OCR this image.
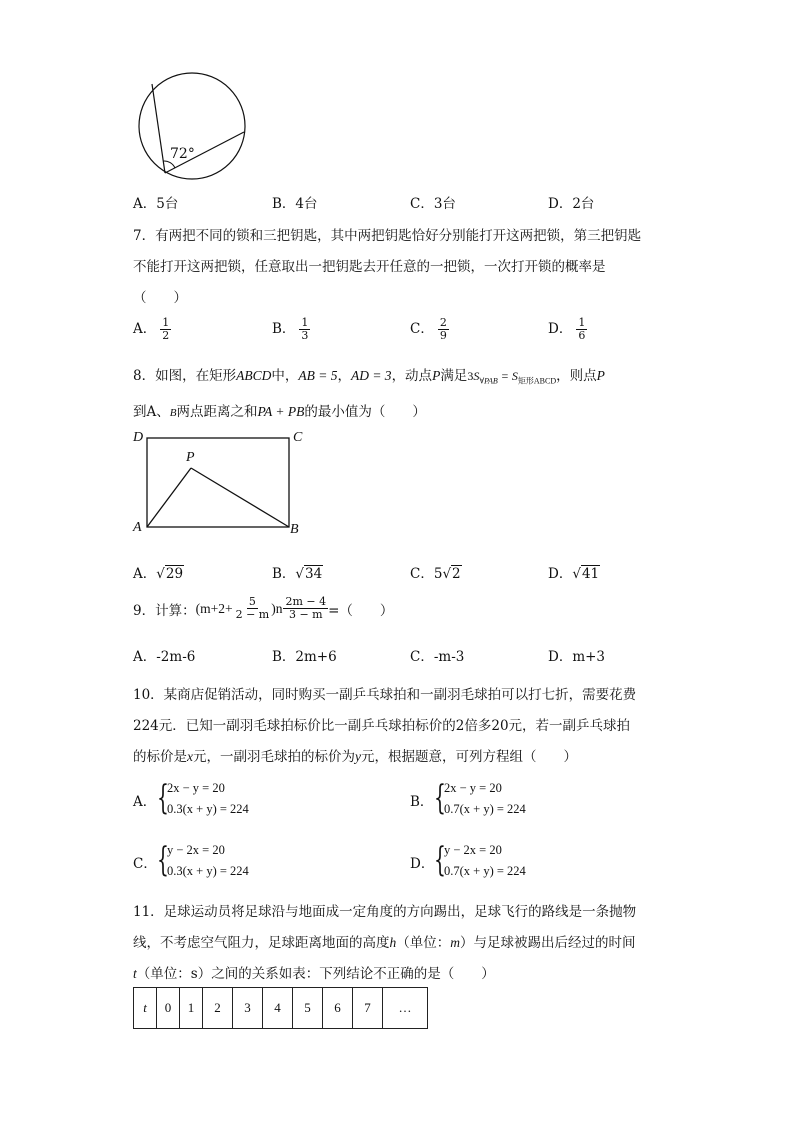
72°
A．5台	B．4台	C．3台	D．2台
7．有两把不同的锁和三把钥匙，其中两把钥匙恰好分别能打开这两把锁，第三把钥匙
不能打开这两把锁，任意取出一把钥匙去开任意的一把锁，一次打开锁的概率是
（　　）
A． $\frac{1}{2}$	B． $\frac{1}{3}$	C． $\frac{2}{9}$	D． $\frac{1}{6}$
8．如图，在矩形ABCD中，AB = 5，AD = 3，动点P满足$3S_{\forall PAB} = S_{矩形ABCD}$，则点P
到A、B两点距离之和PA + PB的最小值为（　　）
D	C
P
A	B
A．√29	B．√34	C．5√2	D．√41
9．计算： $(m+2+ \frac{5}{2 - m} )n \frac{2m - 4}{3 - m}$ =（　　）
A．-2m-6	B．2m+6	C．-m-3	D．m+3
10．某商店促销活动，同时购买一副乒乓球拍和一副羽毛球拍可以打七折，需要花费
224元．已知一副羽毛球拍标价比一副乒乓球拍标价的2倍多20元，若一副乒乓球拍
的标价是x元，一副羽毛球拍的标价为y元，根据题意，可列方程组（　　）
A． {
2x − y = 20
0.3(x + y) = 224	B． {
2x − y = 20
0.7(x + y) = 224
C． {
y − 2x = 20
0.3(x + y) = 224	D． {
y − 2x = 20
0.7(x + y) = 224
11．足球运动员将足球沿与地面成一定角度的方向踢出，足球飞行的路线是一条抛物
线，不考虑空气阻力，足球距离地面的高度h（单位：m）与足球被踢出后经过的时间
t（单位：s）之间的关系如表：下列结论不正确的是（　　）
t	0	1	2	3	4	5	6	7	…
